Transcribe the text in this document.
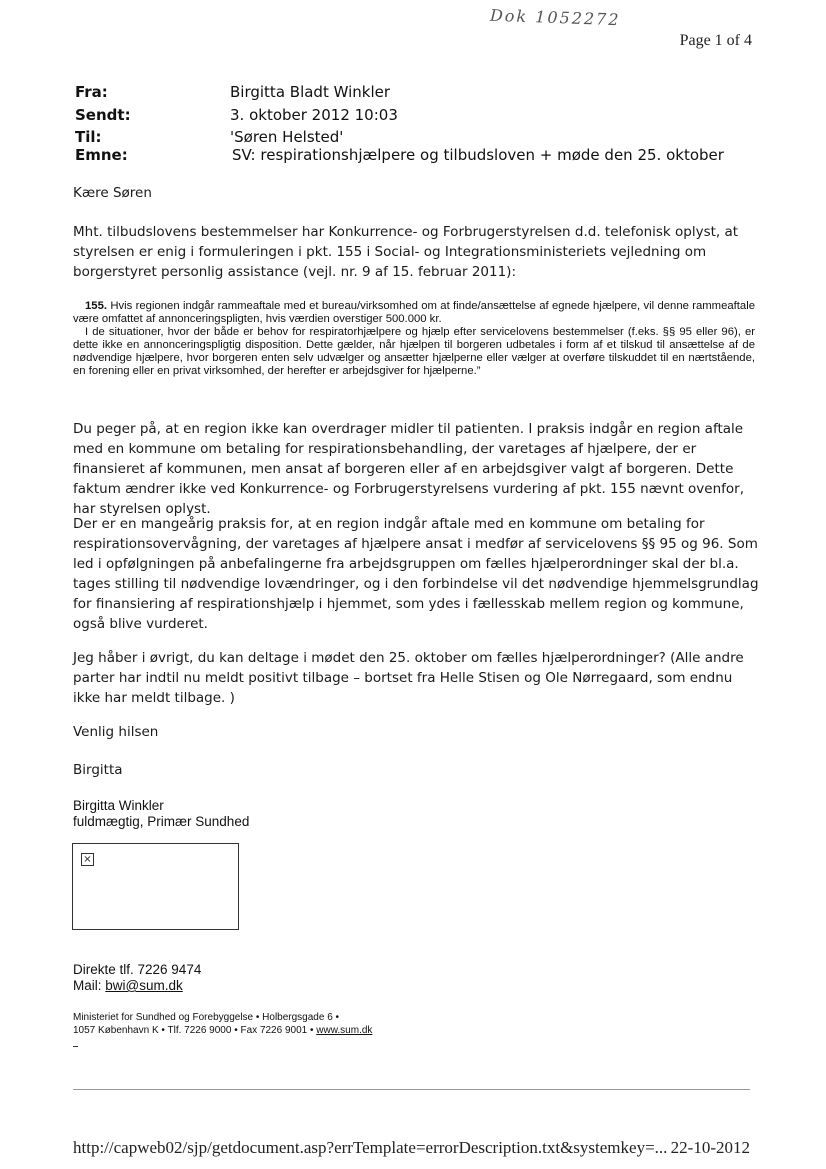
Dok 1052272
Page 1 of 4
Fra:	Birgitta Bladt Winkler
Sendt:	3. oktober 2012 10:03
Til:	'Søren Helsted'
Emne:	SV: respirationshjælpere og tilbudsloven + møde den 25. oktober
Kære Søren
Mht. tilbudslovens bestemmelser har Konkurrence- og Forbrugerstyrelsen d.d. telefonisk oplyst, at styrelsen er enig i formuleringen i pkt. 155 i Social- og Integrationsministeriets vejledning om borgerstyret personlig assistance (vejl. nr. 9 af 15. februar 2011):

155. Hvis regionen indgår rammeaftale med et bureau/virksomhed om at finde/ansættelse af egnede hjælpere, vil denne rammeaftale være omfattet af annonceringspligten, hvis værdien overstiger 500.000 kr.

I de situationer, hvor der både er behov for respiratorhjælpere og hjælp efter servicelovens bestemmelser (f.eks. §§ 95 eller 96), er dette ikke en annonceringspligtig disposition. Dette gælder, når hjælpen til borgeren udbetales i form af et tilskud til ansættelse af de nødvendige hjælpere, hvor borgeren enten selv udvælger og ansætter hjælperne eller vælger at overføre tilskuddet til en nærtstående, en forening eller en privat virksomhed, der herefter er arbejdsgiver for hjælperne.”

Du peger på, at en region ikke kan overdrager midler til patienten. I praksis indgår en region aftale med en kommune om betaling for respirationsbehandling, der varetages af hjælpere, der er finansieret af kommunen, men ansat af borgeren eller af en arbejdsgiver valgt af borgeren. Dette faktum ændrer ikke ved Konkurrence- og Forbrugerstyrelsens vurdering af pkt. 155 nævnt ovenfor, har styrelsen oplyst.
Der er en mangeårig praksis for, at en region indgår aftale med en kommune om betaling for respirationsovervågning, der varetages af hjælpere ansat i medfør af servicelovens §§ 95 og 96. Som led i opfølgningen på anbefalingerne fra arbejdsgruppen om fælles hjælperordninger skal der bl.a. tages stilling til nødvendige lovændringer, og i den forbindelse vil det nødvendige hjemmelsgrundlag for finansiering af respirationshjælp i hjemmet, som ydes i fællesskab mellem region og kommune, også blive vurderet.
Jeg håber i øvrigt, du kan deltage i mødet den 25. oktober om fælles hjælperordninger? (Alle andre parter har indtil nu meldt positivt tilbage – bortset fra Helle Stisen og Ole Nørregaard, som endnu ikke har meldt tilbage. )
Venlig hilsen
Birgitta
Birgitta Winkler
fuldmægtig, Primær Sundhed
×
Direkte tlf. 7226 9474
Mail: bwi@sum.dk
Ministeriet for Sundhed og Forebyggelse • Holbergsgade 6 •
1057 København K • Tlf. 7226 9000 • Fax 7226 9001 • www.sum.dk
http://capweb02/sjp/getdocument.asp?errTemplate=errorDescription.txt&systemkey=... 22-10-2012
